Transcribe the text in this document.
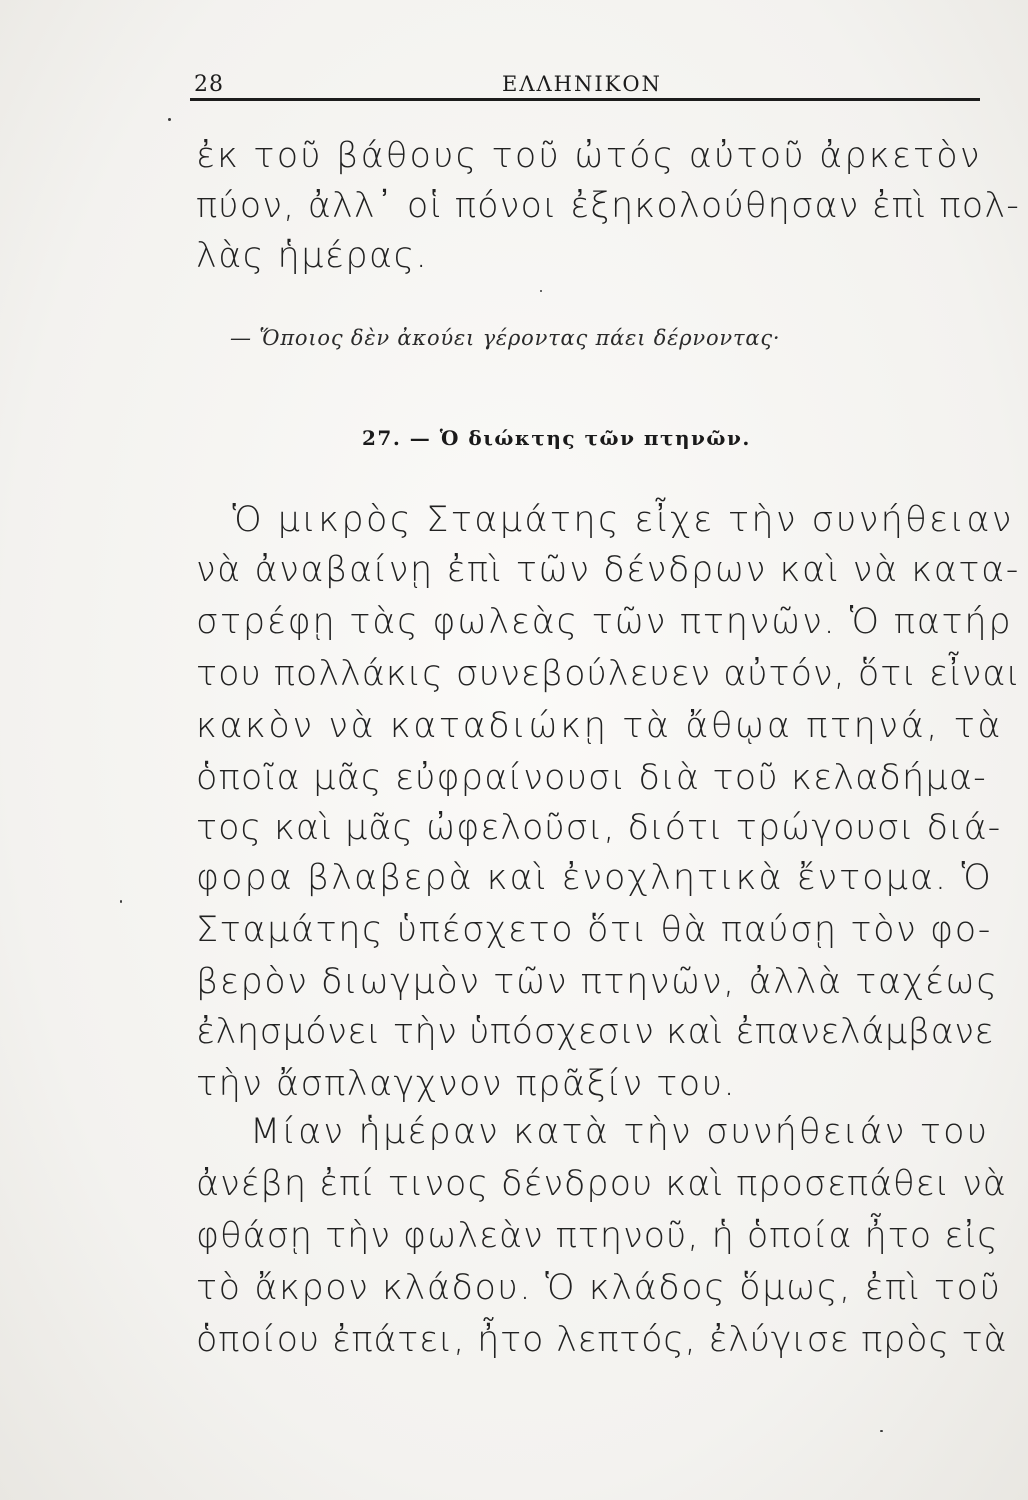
28	ΕΛΛΗΝΙΚΟΝ
ἐκ τοῦ βάθους τοῦ ὠτός αὐτοῦ ἀρκετὸν
πύον, ἀλλ᾽ οἱ πόνοι ἐξηκολούθησαν ἐπὶ πολ-
λὰς ἡμέρας.
— Ὅποιος δὲν ἀκούει γέροντας πάει δέρνοντας·
27. — Ὁ διώκτης τῶν πτηνῶν.
Ὁ μικρὸς Σταμάτης εἶχε τὴν συνήθειαν
νὰ ἀναβαίνῃ ἐπὶ τῶν δένδρων καὶ νὰ κατα-
στρέφῃ τὰς φωλεὰς τῶν πτηνῶν. Ὁ πατήρ
του πολλάκις συνεβούλευεν αὐτόν, ὅτι εἶναι
κακὸν νὰ καταδιώκῃ τὰ ἄθῳα πτηνά, τὰ
ὁποῖα μᾶς εὐφραίνουσι διὰ τοῦ κελαδήμα-
τος καὶ μᾶς ὠφελοῦσι, διότι τρώγουσι διά-
φορα βλαβερὰ καὶ ἐνοχλητικὰ ἔντομα. Ὁ
Σταμάτης ὑπέσχετο ὅτι θὰ παύσῃ τὸν φο-
βερὸν διωγμὸν τῶν πτηνῶν, ἀλλὰ ταχέως
ἐλησμόνει τὴν ὑπόσχεσιν καὶ ἐπανελάμβανε
τὴν ἄσπλαγχνον πρᾶξίν του.
Μίαν ἡμέραν κατὰ τὴν συνήθειάν του
ἀνέβη ἐπί τινος δένδρου καὶ προσεπάθει νὰ
φθάσῃ τὴν φωλεὰν πτηνοῦ, ἡ ὁποία ἦτο εἰς
τὸ ἄκρον κλάδου. Ὁ κλάδος ὅμως, ἐπὶ τοῦ
ὁποίου ἐπάτει, ἦτο λεπτός, ἐλύγισε πρὸς τὰ
